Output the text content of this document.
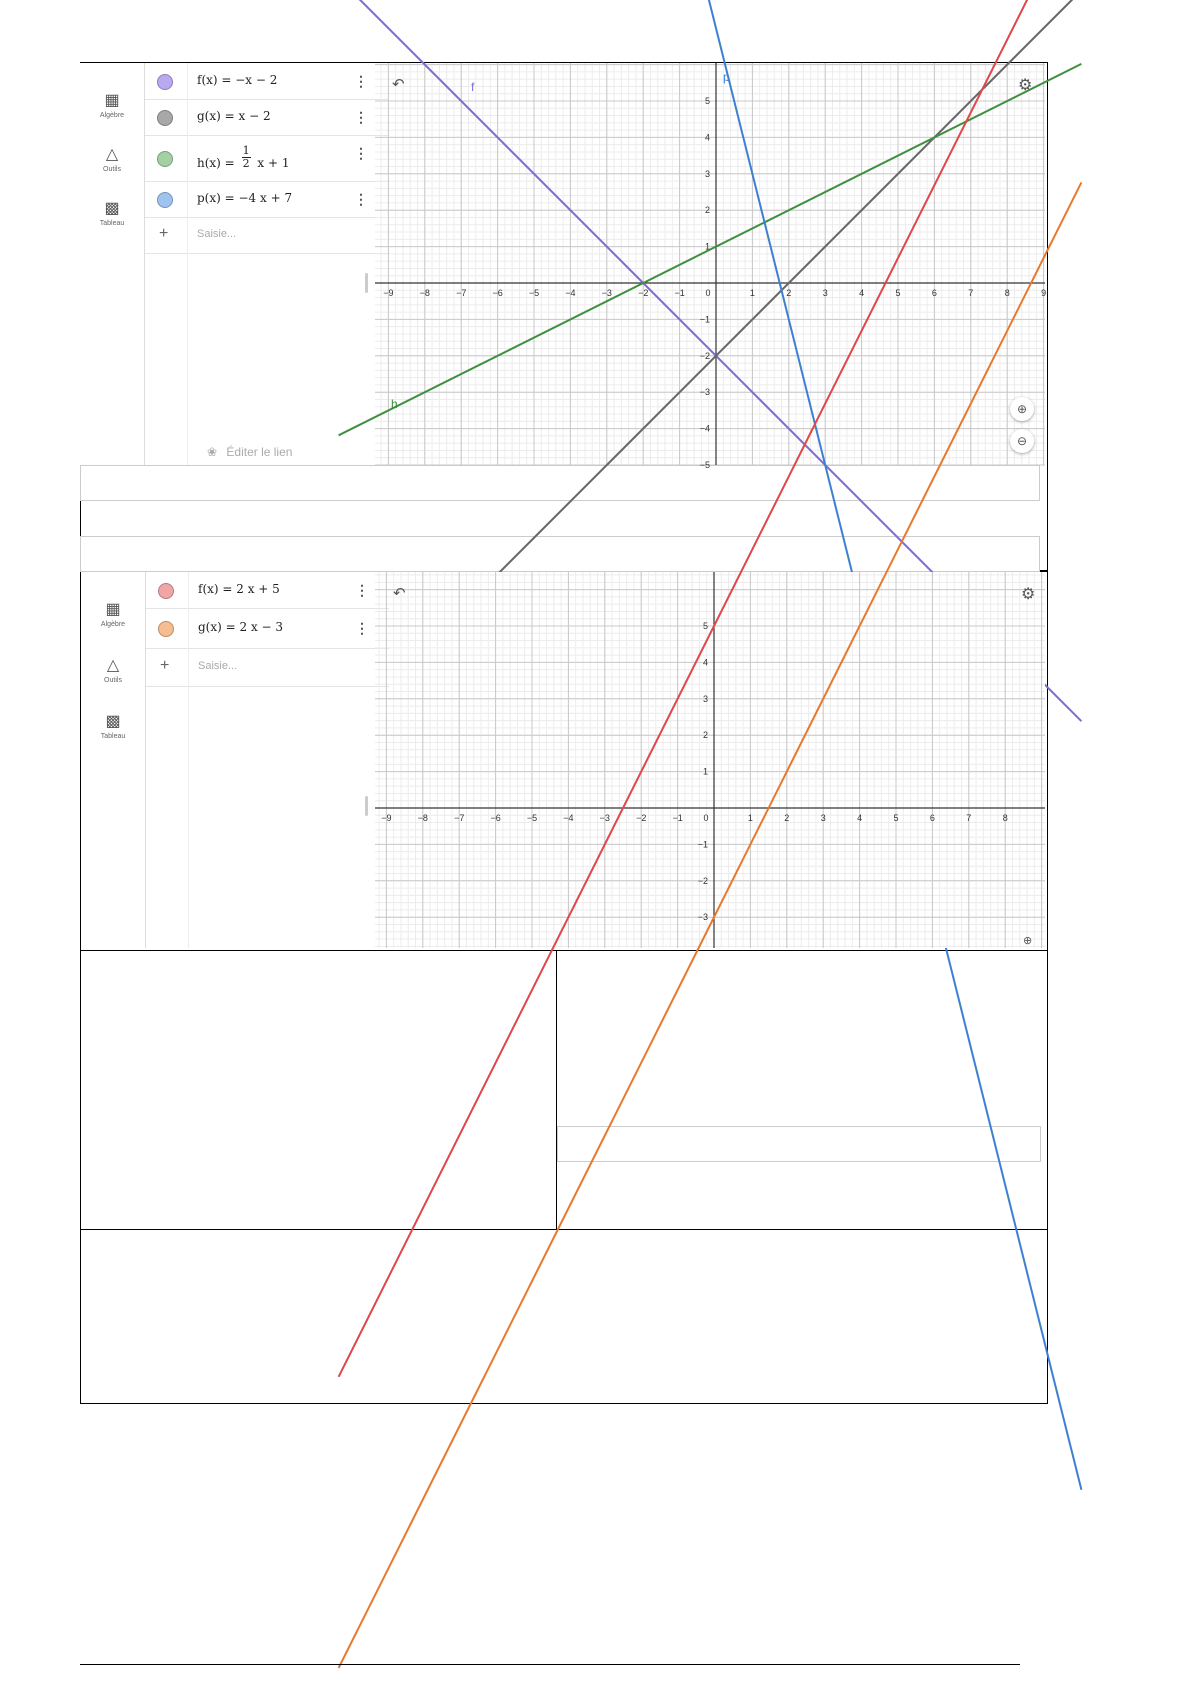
▦
Algèbre
△
Outils
▩
Tableau
f(x) = −x − 2	⋮
g(x) = x − 2	⋮
$h(x) = \frac{1}{2}$ x + 1
⋮
p(x) = −4 x + 7	⋮
+	Saisie...
❀ Éditer le lien
−9	−8	−7	−6	−5	−4	−3	−2	−1 0	1	2	3	4	5	6	7	8	9
5
4
3
2
1
−1
−2
−3
−4
−5
f
h
p
↶	⚙
⊕
⊖
▦
Algèbre
△
Outils
▩
Tableau
f(x) = 2 x + 5	⋮
g(x) = 2 x − 3	⋮
+	Saisie...
−9	−8	−7	−6	−5	−4	−3	−2	−1 0	1	2	3	4	5	6	7	8
5
4
3
2
1
−1
−2
−3
↶	⚙
⊕
